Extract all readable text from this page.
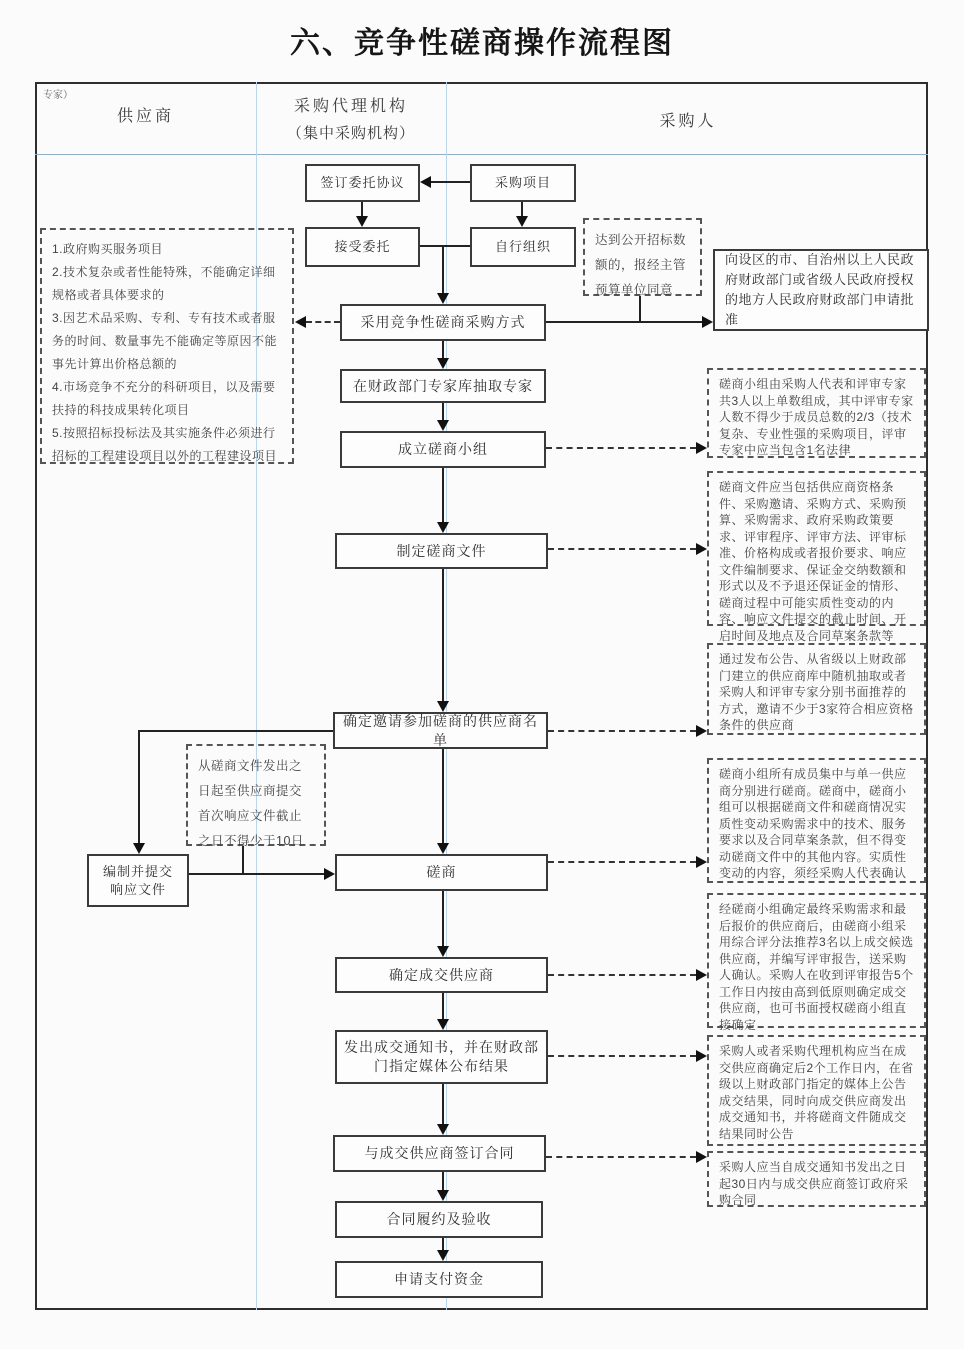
六、竞争性磋商操作流程图
专家）
供应商
采购代理机构
（集中采购机构）
采购人
签订委托协议	采购项目
接受委托	自行组织
采用竞争性磋商采购方式
在财政部门专家库抽取专家
成立磋商小组
制定磋商文件
确定邀请参加磋商的供应商名单
编制并提交
响应文件
磋商
确定成交供应商
发出成交通知书，并在财政部门指定媒体公布结果
与成交供应商签订合同
合同履约及验收
申请支付资金
向设区的市、自治州以上人民政府财政部门或省级人民政府授权的地方人民政府财政部门申请批准
1.政府购买服务项目
2.技术复杂或者性能特殊，不能确定详细规格或者具体要求的
3.因艺术品采购、专利、专有技术或者服务的时间、数量事先不能确定等原因不能事先计算出价格总额的
4.市场竞争不充分的科研项目，以及需要扶持的科技成果转化项目
5.按照招标投标法及其实施条件必须进行招标的工程建设项目以外的工程建设项目
达到公开招标数额的，报经主管预算单位同意
磋商小组由采购人代表和评审专家共3人以上单数组成，其中评审专家人数不得少于成员总数的2/3（技术复杂、专业性强的采购项目，评审专家中应当包含1名法律
磋商文件应当包括供应商资格条件、采购邀请、采购方式、采购预算、采购需求、政府采购政策要求、评审程序、评审方法、评审标准、价格构成或者报价要求、响应文件编制要求、保证金交纳数额和形式以及不予退还保证金的情形、磋商过程中可能实质性变动的内容、响应文件提交的截止时间、开启时间及地点及合同草案条款等
通过发布公告、从省级以上财政部门建立的供应商库中随机抽取或者采购人和评审专家分别书面推荐的方式，邀请不少于3家符合相应资格条件的供应商
磋商小组所有成员集中与单一供应商分别进行磋商。磋商中，磋商小组可以根据磋商文件和磋商情况实质性变动采购需求中的技术、服务要求以及合同草案条款，但不得变动磋商文件中的其他内容。实质性变动的内容，须经采购人代表确认
经磋商小组确定最终采购需求和最后报价的供应商后，由磋商小组采用综合评分法推荐3名以上成交候选供应商，并编写评审报告，送采购人确认。采购人在收到评审报告5个工作日内按由高到低原则确定成交供应商，也可书面授权磋商小组直接确定
采购人或者采购代理机构应当在成交供应商确定后2个工作日内，在省级以上财政部门指定的媒体上公告成交结果，同时向成交供应商发出成交通知书，并将磋商文件随成交结果同时公告
采购人应当自成交通知书发出之日起30日内与成交供应商签订政府采购合同
从磋商文件发出之日起至供应商提交首次响应文件截止之日不得少于10日
